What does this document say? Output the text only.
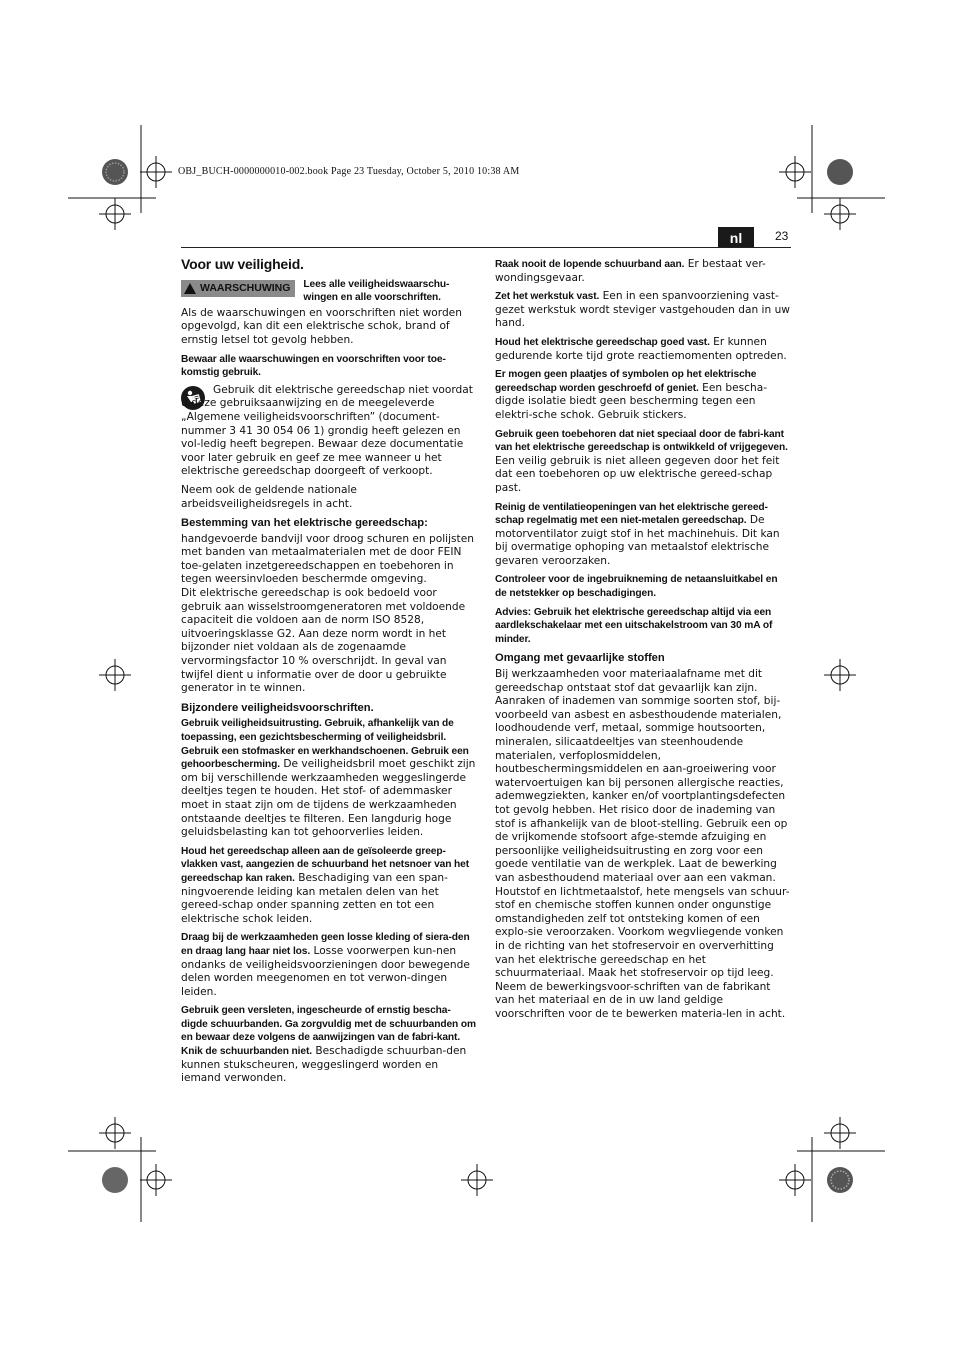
OBJ_BUCH-0000000010-002.book Page 23 Tuesday, October 5, 2010 10:38 AM
nl	23
Voor uw veiligheid.
WAARSCHUWING Lees alle veiligheidswaarschu-wingen en alle voorschriften.

Als de waarschuwingen en voorschriften niet worden opgevolgd, kan dit een elektrische schok, brand of ernstig letsel tot gevolg hebben.

Bewaar alle waarschuwingen en voorschriften voor toe-komstig gebruik.

Gebruik dit elektrische gereedschap niet voordat u deze gebruiksaanwijzing en de meegeleverde „Algemene veiligheidsvoorschriften” (document-nummer 3 41 30 054 06 1) grondig heeft gelezen en vol-ledig heeft begrepen. Bewaar deze documentatie voor later gebruik en geef ze mee wanneer u het elektrische gereedschap doorgeeft of verkoopt.

Neem ook de geldende nationale arbeidsveiligheidsregels in acht.

Bestemming van het elektrische gereedschap:

handgevoerde bandvijl voor droog schuren en polijsten met banden van metaalmaterialen met de door FEIN toe-gelaten inzetgereedschappen en toebehoren in tegen weersinvloeden beschermde omgeving.

Dit elektrische gereedschap is ook bedoeld voor gebruik aan wisselstroomgeneratoren met voldoende capaciteit die voldoen aan de norm ISO 8528, uitvoeringsklasse G2. Aan deze norm wordt in het bijzonder niet voldaan als de zogenaamde vervormingsfactor 10 % overschrijdt. In geval van twijfel dient u informatie over de door u gebruikte generator in te winnen.

Bijzondere veiligheidsvoorschriften.

Gebruik veiligheidsuitrusting. Gebruik, afhankelijk van de toepassing, een gezichtsbescherming of veiligheidsbril. Gebruik een stofmasker en werkhandschoenen. Gebruik een gehoorbescherming. De veiligheidsbril moet geschikt zijn om bij verschillende werkzaamheden weggeslingerde deeltjes tegen te houden. Het stof- of ademmasker moet in staat zijn om de tijdens de werkzaamheden ontstaande deeltjes te filteren. Een langdurig hoge geluidsbelasting kan tot gehoorverlies leiden.

Houd het gereedschap alleen aan de geïsoleerde greep-vlakken vast, aangezien de schuurband het netsnoer van het gereedschap kan raken. Beschadiging van een span-ningvoerende leiding kan metalen delen van het gereed-schap onder spanning zetten en tot een elektrische schok leiden.

Draag bij de werkzaamheden geen losse kleding of siera-den en draag lang haar niet los. Losse voorwerpen kun-nen ondanks de veiligheidsvoorzieningen door bewegende delen worden meegenomen en tot verwon-dingen leiden.

Gebruik geen versleten, ingescheurde of ernstig bescha-digde schuurbanden. Ga zorgvuldig met de schuurbanden om en bewaar deze volgens de aanwijzingen van de fabri-kant. Knik de schuurbanden niet. Beschadigde schuurban-den kunnen stukscheuren, weggeslingerd worden en iemand verwonden.

Raak nooit de lopende schuurband aan. Er bestaat ver-wondingsgevaar.

Zet het werkstuk vast. Een in een spanvoorziening vast-gezet werkstuk wordt steviger vastgehouden dan in uw hand.

Houd het elektrische gereedschap goed vast. Er kunnen gedurende korte tijd grote reactiemomenten optreden.

Er mogen geen plaatjes of symbolen op het elektrische gereedschap worden geschroefd of geniet. Een bescha-digde isolatie biedt geen bescherming tegen een elektri-sche schok. Gebruik stickers.

Gebruik geen toebehoren dat niet speciaal door de fabri-kant van het elektrische gereedschap is ontwikkeld of vrijgegeven. Een veilig gebruik is niet alleen gegeven door het feit dat een toebehoren op uw elektrische gereed-schap past.

Reinig de ventilatieopeningen van het elektrische gereed-schap regelmatig met een niet-metalen gereedschap. De motorventilator zuigt stof in het machinehuis. Dit kan bij overmatige ophoping van metaalstof elektrische gevaren veroorzaken.

Controleer voor de ingebruikneming de netaansluitkabel en de netstekker op beschadigingen.

Advies: Gebruik het elektrische gereedschap altijd via een aardlekschakelaar met een uitschakelstroom van 30 mA of minder.

Omgang met gevaarlijke stoffen

Bij werkzaamheden voor materiaalafname met dit gereedschap ontstaat stof dat gevaarlijk kan zijn.

Aanraken of inademen van sommige soorten stof, bij-voorbeeld van asbest en asbesthoudende materialen, loodhoudende verf, metaal, sommige houtsoorten, mineralen, silicaatdeeltjes van steenhoudende materialen, verfoplosmiddelen, houtbeschermingsmiddelen en aan-groeiwering voor watervoertuigen kan bij personen allergische reacties, ademwegziekten, kanker en/of voortplantingsdefecten tot gevolg hebben. Het risico door de inademing van stof is afhankelijk van de bloot-stelling. Gebruik een op de vrijkomende stofsoort afge-stemde afzuiging en persoonlijke veiligheidsuitrusting en zorg voor een goede ventilatie van de werkplek. Laat de bewerking van asbesthoudend materiaal over aan een vakman.

Houtstof en lichtmetaalstof, hete mengsels van schuur-stof en chemische stoffen kunnen onder ongunstige omstandigheden zelf tot ontsteking komen of een explo-sie veroorzaken. Voorkom wegvliegende vonken in de richting van het stofreservoir en oververhitting van het elektrische gereedschap en het schuurmateriaal. Maak het stofreservoir op tijd leeg. Neem de bewerkingsvoor-schriften van de fabrikant van het materiaal en de in uw land geldige voorschriften voor de te bewerken materia-len in acht.
